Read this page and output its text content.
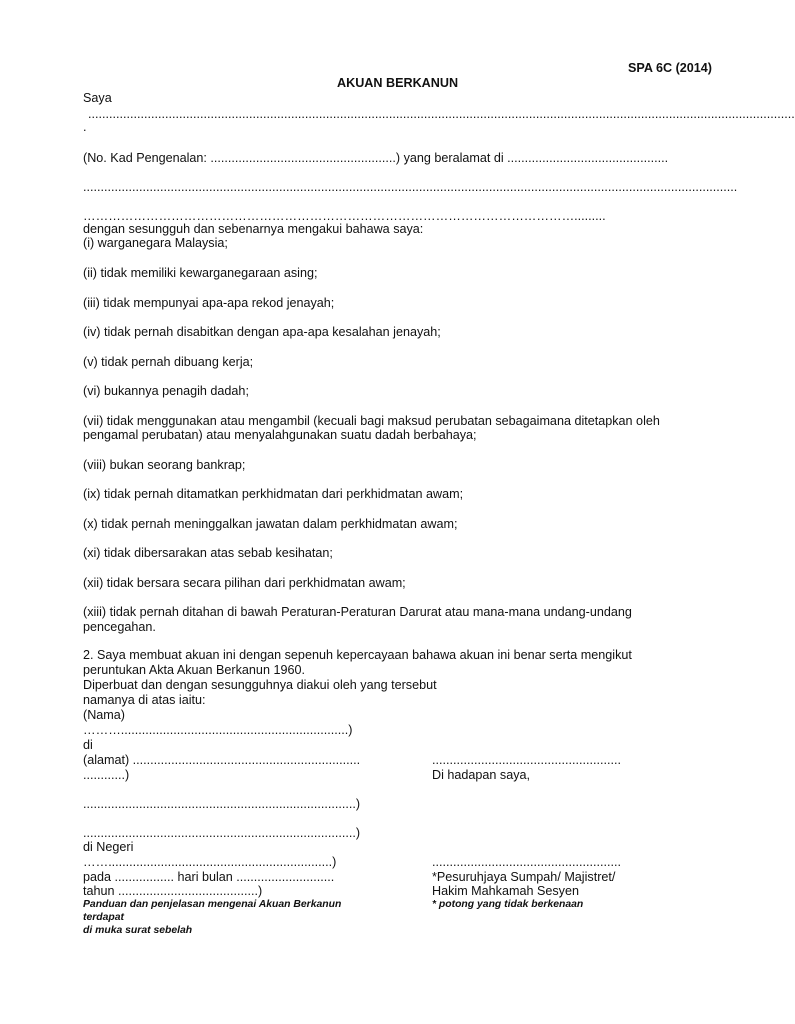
SPA 6C (2014)
AKUAN BERKANUN
Saya
..........................................................................................................................................................................................................
.
(No. Kad Pengenalan: .....................................................) yang beralamat di ..............................................
...........................................................................................................................................................................................
……………………………………………………………………………………………………….........
dengan sesungguh dan sebenarnya mengakui bahawa saya:
(i) warganegara Malaysia;
(ii) tidak memiliki kewarganegaraan asing;
(iii) tidak mempunyai apa-apa rekod jenayah;
(iv) tidak pernah disabitkan dengan apa-apa kesalahan jenayah;
(v) tidak pernah dibuang kerja;
(vi) bukannya penagih dadah;
(vii) tidak menggunakan atau mengambil (kecuali bagi maksud perubatan sebagaimana ditetapkan oleh
pengamal perubatan) atau menyalahgunakan suatu dadah berbahaya;
(viii) bukan seorang bankrap;
(ix) tidak pernah ditamatkan perkhidmatan dari perkhidmatan awam;
(x) tidak pernah meninggalkan jawatan dalam perkhidmatan awam;
(xi) tidak dibersarakan atas sebab kesihatan;
(xii) tidak bersara secara pilihan dari perkhidmatan awam;
(xiii) tidak pernah ditahan di bawah Peraturan-Peraturan Darurat atau mana-mana undang-undang
pencegahan.
2. Saya membuat akuan ini dengan sepenuh kepercayaan bahawa akuan ini benar serta mengikut
peruntukan Akta Akuan Berkanun 1960.
Diperbuat dan dengan sesungguhnya diakui oleh yang tersebut
namanya di atas iaitu:
(Nama)
……….................................................................)
di
(alamat) .................................................................
............)
..............................................................................)
..............................................................................)
di Negeri
……................................................................)
pada ................. hari bulan ............................
tahun ........................................)
......................................................
Di hadapan saya,
......................................................
*Pesuruhjaya Sumpah/ Majistret/
Hakim Mahkamah Sesyen
* potong yang tidak berkenaan
Panduan dan penjelasan mengenai Akuan Berkanun
terdapat
di muka surat sebelah
